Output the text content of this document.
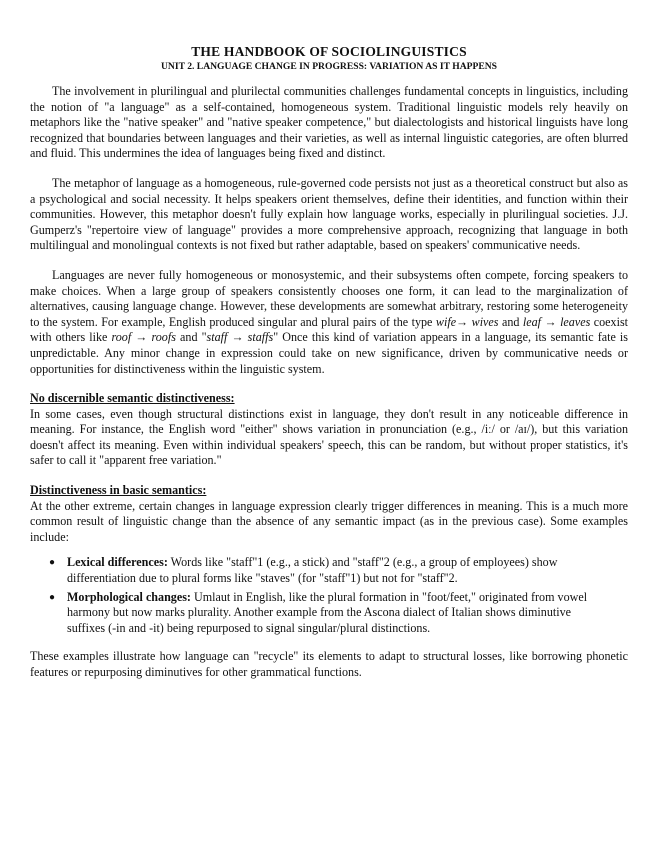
THE HANDBOOK OF SOCIOLINGUISTICS
UNIT 2. LANGUAGE CHANGE IN PROGRESS: VARIATION AS IT HAPPENS

The involvement in plurilingual and plurilectal communities challenges fundamental concepts in linguistics, including the notion of "a language" as a self-contained, homogeneous system. Traditional linguistic models rely heavily on metaphors like the "native speaker" and "native speaker competence," but dialectologists and historical linguists have long recognized that boundaries between languages and their varieties, as well as internal linguistic categories, are often blurred and fluid. This undermines the idea of languages being fixed and distinct.

The metaphor of language as a homogeneous, rule-governed code persists not just as a theoretical construct but also as a psychological and social necessity. It helps speakers orient themselves, define their identities, and function within their communities. However, this metaphor doesn't fully explain how language works, especially in plurilingual societies. J.J. Gumperz's "repertoire view of language" provides a more comprehensive approach, recognizing that language in both multilingual and monolingual contexts is not fixed but rather adaptable, based on speakers' communicative needs.

Languages are never fully homogeneous or monosystemic, and their subsystems often compete, forcing speakers to make choices. When a large group of speakers consistently chooses one form, it can lead to the marginalization of alternatives, causing language change. However, these developments are somewhat arbitrary, restoring some heterogeneity to the system. For example, English produced singular and plural pairs of the type wife→ wives and leaf → leaves coexist with others like roof → roofs and "staff → staffs" Once this kind of variation appears in a language, its semantic fate is unpredictable. Any minor change in expression could take on new significance, driven by communicative needs or opportunities for distinctiveness within the linguistic system.

No discernible semantic distinctiveness:

In some cases, even though structural distinctions exist in language, they don't result in any noticeable difference in meaning. For instance, the English word "either" shows variation in pronunciation (e.g., /iː/ or /aɪ/), but this variation doesn't affect its meaning. Even within individual speakers' speech, this can be random, but without proper statistics, it's safer to call it "apparent free variation."

Distinctiveness in basic semantics:

At the other extreme, certain changes in language expression clearly trigger differences in meaning. This is a much more common result of linguistic change than the absence of any semantic impact (as in the previous case). Some examples include:

● Lexical differences: Words like "staff"1 (e.g., a stick) and "staff"2 (e.g., a group of employees) show differentiation due to plural forms like "staves" (for "staff"1) but not for "staff"2.
● Morphological changes: Umlaut in English, like the plural formation in "foot/feet," originated from vowel harmony but now marks plurality. Another example from the Ascona dialect of Italian shows diminutive suffixes (-in and -it) being repurposed to signal singular/plural distinctions.

These examples illustrate how language can "recycle" its elements to adapt to structural losses, like borrowing phonetic features or repurposing diminutives for other grammatical functions.
